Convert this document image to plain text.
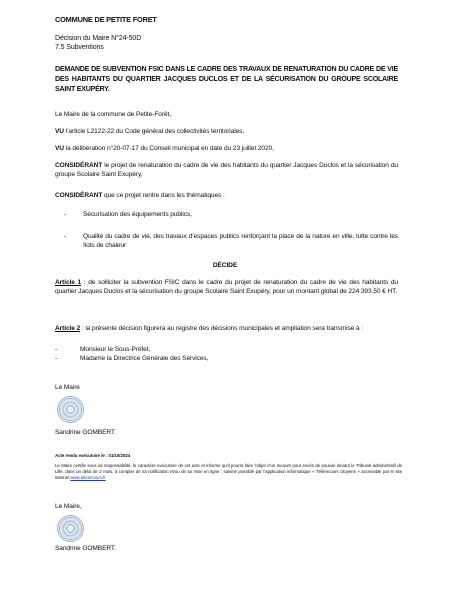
COMMUNE DE PETITE FORET
Décision du Maire N°24-50D
7.5 Subventions
DEMANDE DE SUBVENTION FSIC DANS LE CADRE DES TRAVAUX DE RENATURATION DU CADRE DE VIE DES HABITANTS DU QUARTIER JACQUES DUCLOS ET DE LA SÉCURISATION DU GROUPE SCOLAIRE SAINT EXUPÉRY.
Le Maire de la commune de Petite-Forêt,
VU l’article L2122-22 du Code général des collectivités territoriales,
VU la délibération n°20-07-17 du Conseil municipal en date du 23 juillet 2020,
CONSIDÉRANT le projet de renaturation du cadre de vie des habitants du quartier Jacques Duclos et la sécurisation du groupe Scolaire Saint Exupéry,
CONSIDÉRANT que ce projet rentre dans les thématiques :
-	Sécurisation des équipements publics,
-	Qualité du cadre de vie, des travaux d’espaces publics renforçant la place de la nature en ville, lutte contre les îlots de chaleur
DÉCIDE
Article 1 : de solliciter la subvention FSIC dans le cadre du projet de renaturation du cadre de vie des habitants du quartier Jacques Duclos et la sécurisation du groupe Scolaire Saint Exupéry, pour un montant global de 224 393.50 € HT.
Article 2 : la présente décision figurera au registre des décisions municipales et ampliation sera transmise à :
-	Monsieur le Sous-Préfet,
-	Madame la Directrice Générale des Services,
Le Maire
Sandrine GOMBERT.
Acte rendu exécutoire le : 01/10/2024
Le Maire certifie sous sa responsabilité, le caractère exécutoire de cet acte et informe qu’il pourra faire l’objet d’un recours pour excès de pouvoir devant le Tribunal administratif de Lille, dans un délai de 2 mois, à compter de sa notification et/ou de sa mise en ligne ; saisine possible par l’application informatique « Télérecours citoyens » accessible par le site internet www.telerecours.fr
Le Maire,
Sandrine GOMBERT.
